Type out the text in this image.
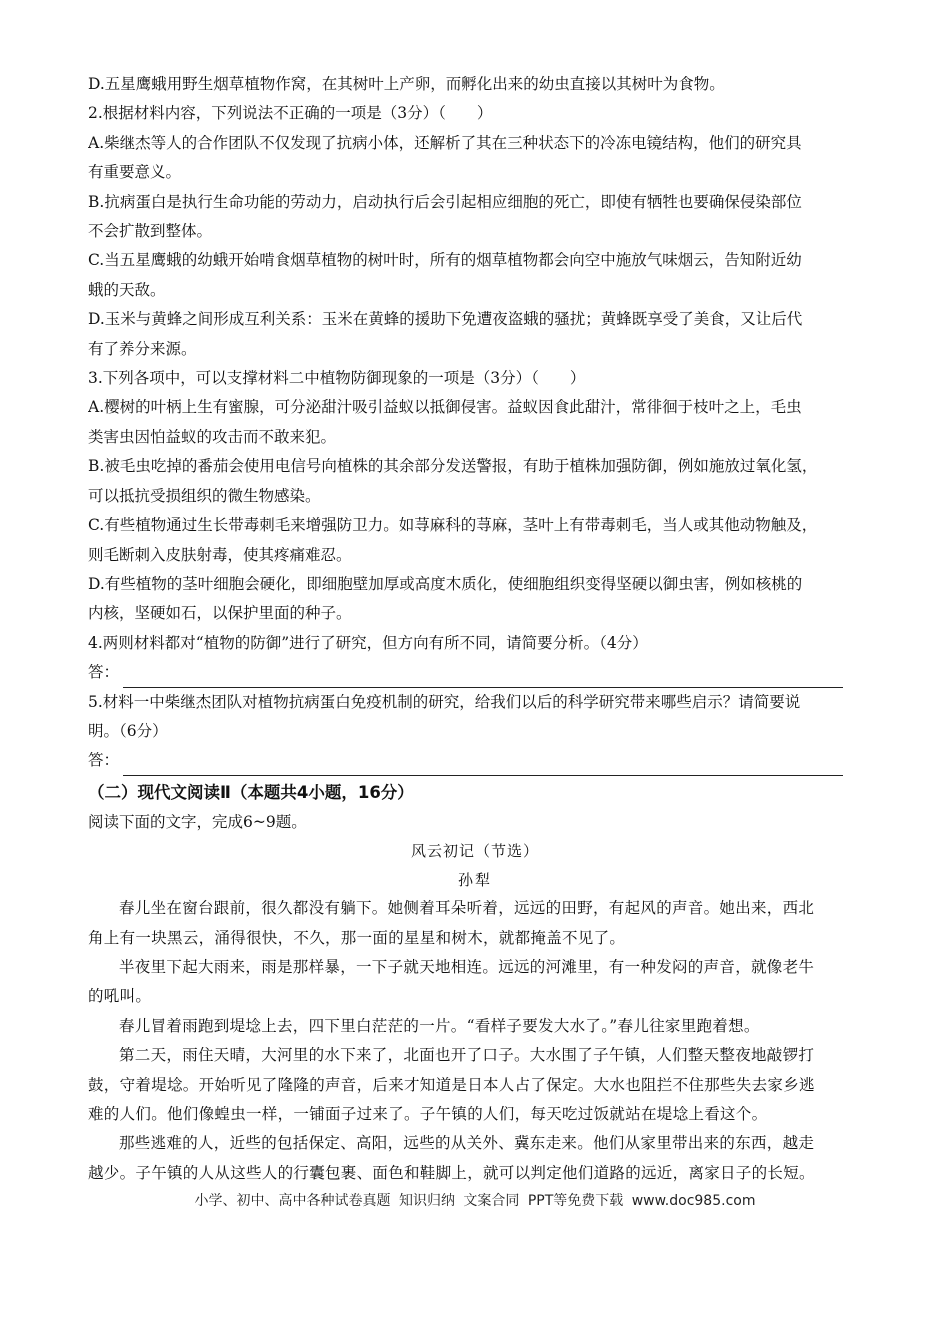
D.五星鹰蛾用野生烟草植物作窝，在其树叶上产卵，而孵化出来的幼虫直接以其树叶为食物。
2.根据材料内容，下列说法不正确的一项是（3分）（　　）
A.柴继杰等人的合作团队不仅发现了抗病小体，还解析了其在三种状态下的冷冻电镜结构，他们的研究具
有重要意义。
B.抗病蛋白是执行生命功能的劳动力，启动执行后会引起相应细胞的死亡，即使有牺牲也要确保侵染部位
不会扩散到整体。
C.当五星鹰蛾的幼蛾开始啃食烟草植物的树叶时，所有的烟草植物都会向空中施放气味烟云，告知附近幼
蛾的天敌。
D.玉米与黄蜂之间形成互利关系：玉米在黄蜂的援助下免遭夜盗蛾的骚扰；黄蜂既享受了美食，又让后代
有了养分来源。
3.下列各项中，可以支撑材料二中植物防御现象的一项是（3分）（　　）
A.樱树的叶柄上生有蜜腺，可分泌甜汁吸引益蚁以抵御侵害。益蚁因食此甜汁，常徘徊于枝叶之上，毛虫
类害虫因怕益蚁的攻击而不敢来犯。
B.被毛虫吃掉的番茄会使用电信号向植株的其余部分发送警报，有助于植株加强防御，例如施放过氧化氢，
可以抵抗受损组织的微生物感染。
C.有些植物通过生长带毒刺毛来增强防卫力。如荨麻科的荨麻，茎叶上有带毒刺毛，当人或其他动物触及，
则毛断刺入皮肤射毒，使其疼痛难忍。
D.有些植物的茎叶细胞会硬化，即细胞壁加厚或高度木质化，使细胞组织变得坚硬以御虫害，例如核桃的
内核，坚硬如石，以保护里面的种子。
4.两则材料都对“植物的防御”进行了研究，但方向有所不同，请简要分析。（4分）
答：
5.材料一中柴继杰团队对植物抗病蛋白免疫机制的研究，给我们以后的科学研究带来哪些启示？请简要说
明。（6分）
答：
（二）现代文阅读Ⅱ（本题共4小题，16分）
阅读下面的文字，完成6~9题。
风云初记（节选）
孙犁
春儿坐在窗台跟前，很久都没有躺下。她侧着耳朵听着，远远的田野，有起风的声音。她出来，西北
角上有一块黑云，涌得很快，不久，那一面的星星和树木，就都掩盖不见了。
半夜里下起大雨来，雨是那样暴，一下子就天地相连。远远的河滩里，有一种发闷的声音，就像老牛
的吼叫。
春儿冒着雨跑到堤埝上去，四下里白茫茫的一片。“看样子要发大水了。”春儿往家里跑着想。
第二天，雨住天晴，大河里的水下来了，北面也开了口子。大水围了子午镇，人们整天整夜地敲锣打
鼓，守着堤埝。开始听见了隆隆的声音，后来才知道是日本人占了保定。大水也阻拦不住那些失去家乡逃
难的人们。他们像蝗虫一样，一铺面子过来了。子午镇的人们，每天吃过饭就站在堤埝上看这个。
那些逃难的人，近些的包括保定、高阳，远些的从关外、冀东走来。他们从家里带出来的东西，越走
越少。子午镇的人从这些人的行囊包裹、面色和鞋脚上，就可以判定他们道路的远近，离家日子的长短。
小学、初中、高中各种试卷真题 知识归纳 文案合同 PPT等免费下载 www.doc985.com
